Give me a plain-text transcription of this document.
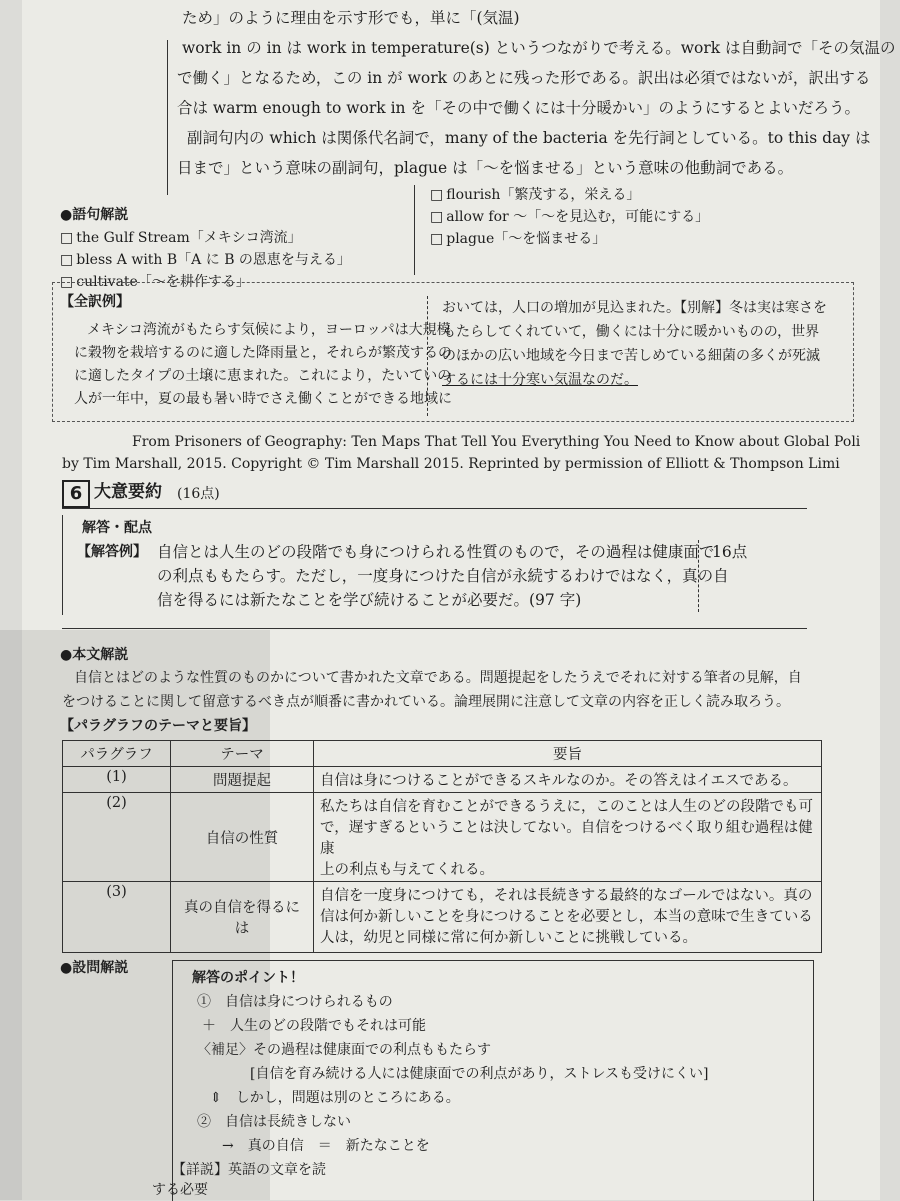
ため」のように理由を示す形でも，単に「(気温)
work in の in は work in temperature(s) というつながりで考える。work は自動詞で「その気温の
で働く」となるため，この in が work のあとに残った形である。訳出は必須ではないが，訳出する
合は warm enough to work in を「その中で働くには十分暖かい」のようにするとよいだろう。
副詞句内の which は関係代名詞で，many of the bacteria を先行詞としている。to this day は
日まで」という意味の副詞句，plague は「～を悩ませる」という意味の他動詞である。
●語句解説
□ the Gulf Stream「メキシコ湾流」
□ bless A with B「A に B の恩恵を与える」
□ cultivate「～を耕作する」
□ flourish「繁茂する，栄える」
□ allow for ～「～を見込む，可能にする」
□ plague「～を悩ませる」
【全訳例】
メキシコ湾流がもたらす気候により，ヨーロッパは大規模
に穀物を栽培するのに適した降雨量と，それらが繁茂するの
に適したタイプの土壌に恵まれた。これにより，たいていの
人が一年中，夏の最も暑い時でさえ働くことができる地域に
おいては，人口の増加が見込まれた。【別解】冬は実は寒さを
もたらしてくれていて，働くには十分に暖かいものの，世界
のほかの広い地域を今日まで苦しめている細菌の多くが死滅
するには十分寒い気温なのだ。
From Prisoners of Geography: Ten Maps That Tell You Everything You Need to Know about Global Poli
by Tim Marshall, 2015. Copyright © Tim Marshall 2015. Reprinted by permission of Elliott & Thompson Limi
6 大意要約 (16点)
解答・配点
【解答例】 自信とは人生のどの段階でも身につけられる性質のもので，その過程は健康面で
の利点ももたらす。ただし，一度身につけた自信が永続するわけではなく，真の自
信を得るには新たなことを学び続けることが必要だ。(97 字)
16点
●本文解説
自信とはどのような性質のものかについて書かれた文章である。問題提起をしたうえでそれに対する筆者の見解，自
をつけることに関して留意するべき点が順番に書かれている。論理展開に注意して文章の内容を正しく読み取ろう。
【パラグラフのテーマと要旨】
パラグラフ	テーマ	要旨
(1)	問題提起	自信は身につけることができるスキルなのか。その答えはイエスである。

(2)	自信の性質	私たちは自信を育むことができるうえに，このことは人生のどの段階でも可
で，遅すぎるということは決してない。自信をつけるべく取り組む過程は健康
上の利点も与えてくれる。

(3)	真の自信を得るには	自信を一度身につけても，それは長続きする最終的なゴールではない。真の
信は何か新しいことを身につけることを必要とし，本当の意味で生きている
人は，幼児と同様に常に何か新しいことに挑戦している。
●設問解説
解答のポイント！
①　自信は身につけられるもの
＋　人生のどの段階でもそれは可能
〈補足〉その過程は健康面での利点ももたらす
[自信を育み続ける人には健康面での利点があり，ストレスも受けにくい]
⇕　しかし，問題は別のところにある。
②　自信は長続きしない
→　真の自信　＝　新たなことを
【詳説】英語の文章を読
する必要
